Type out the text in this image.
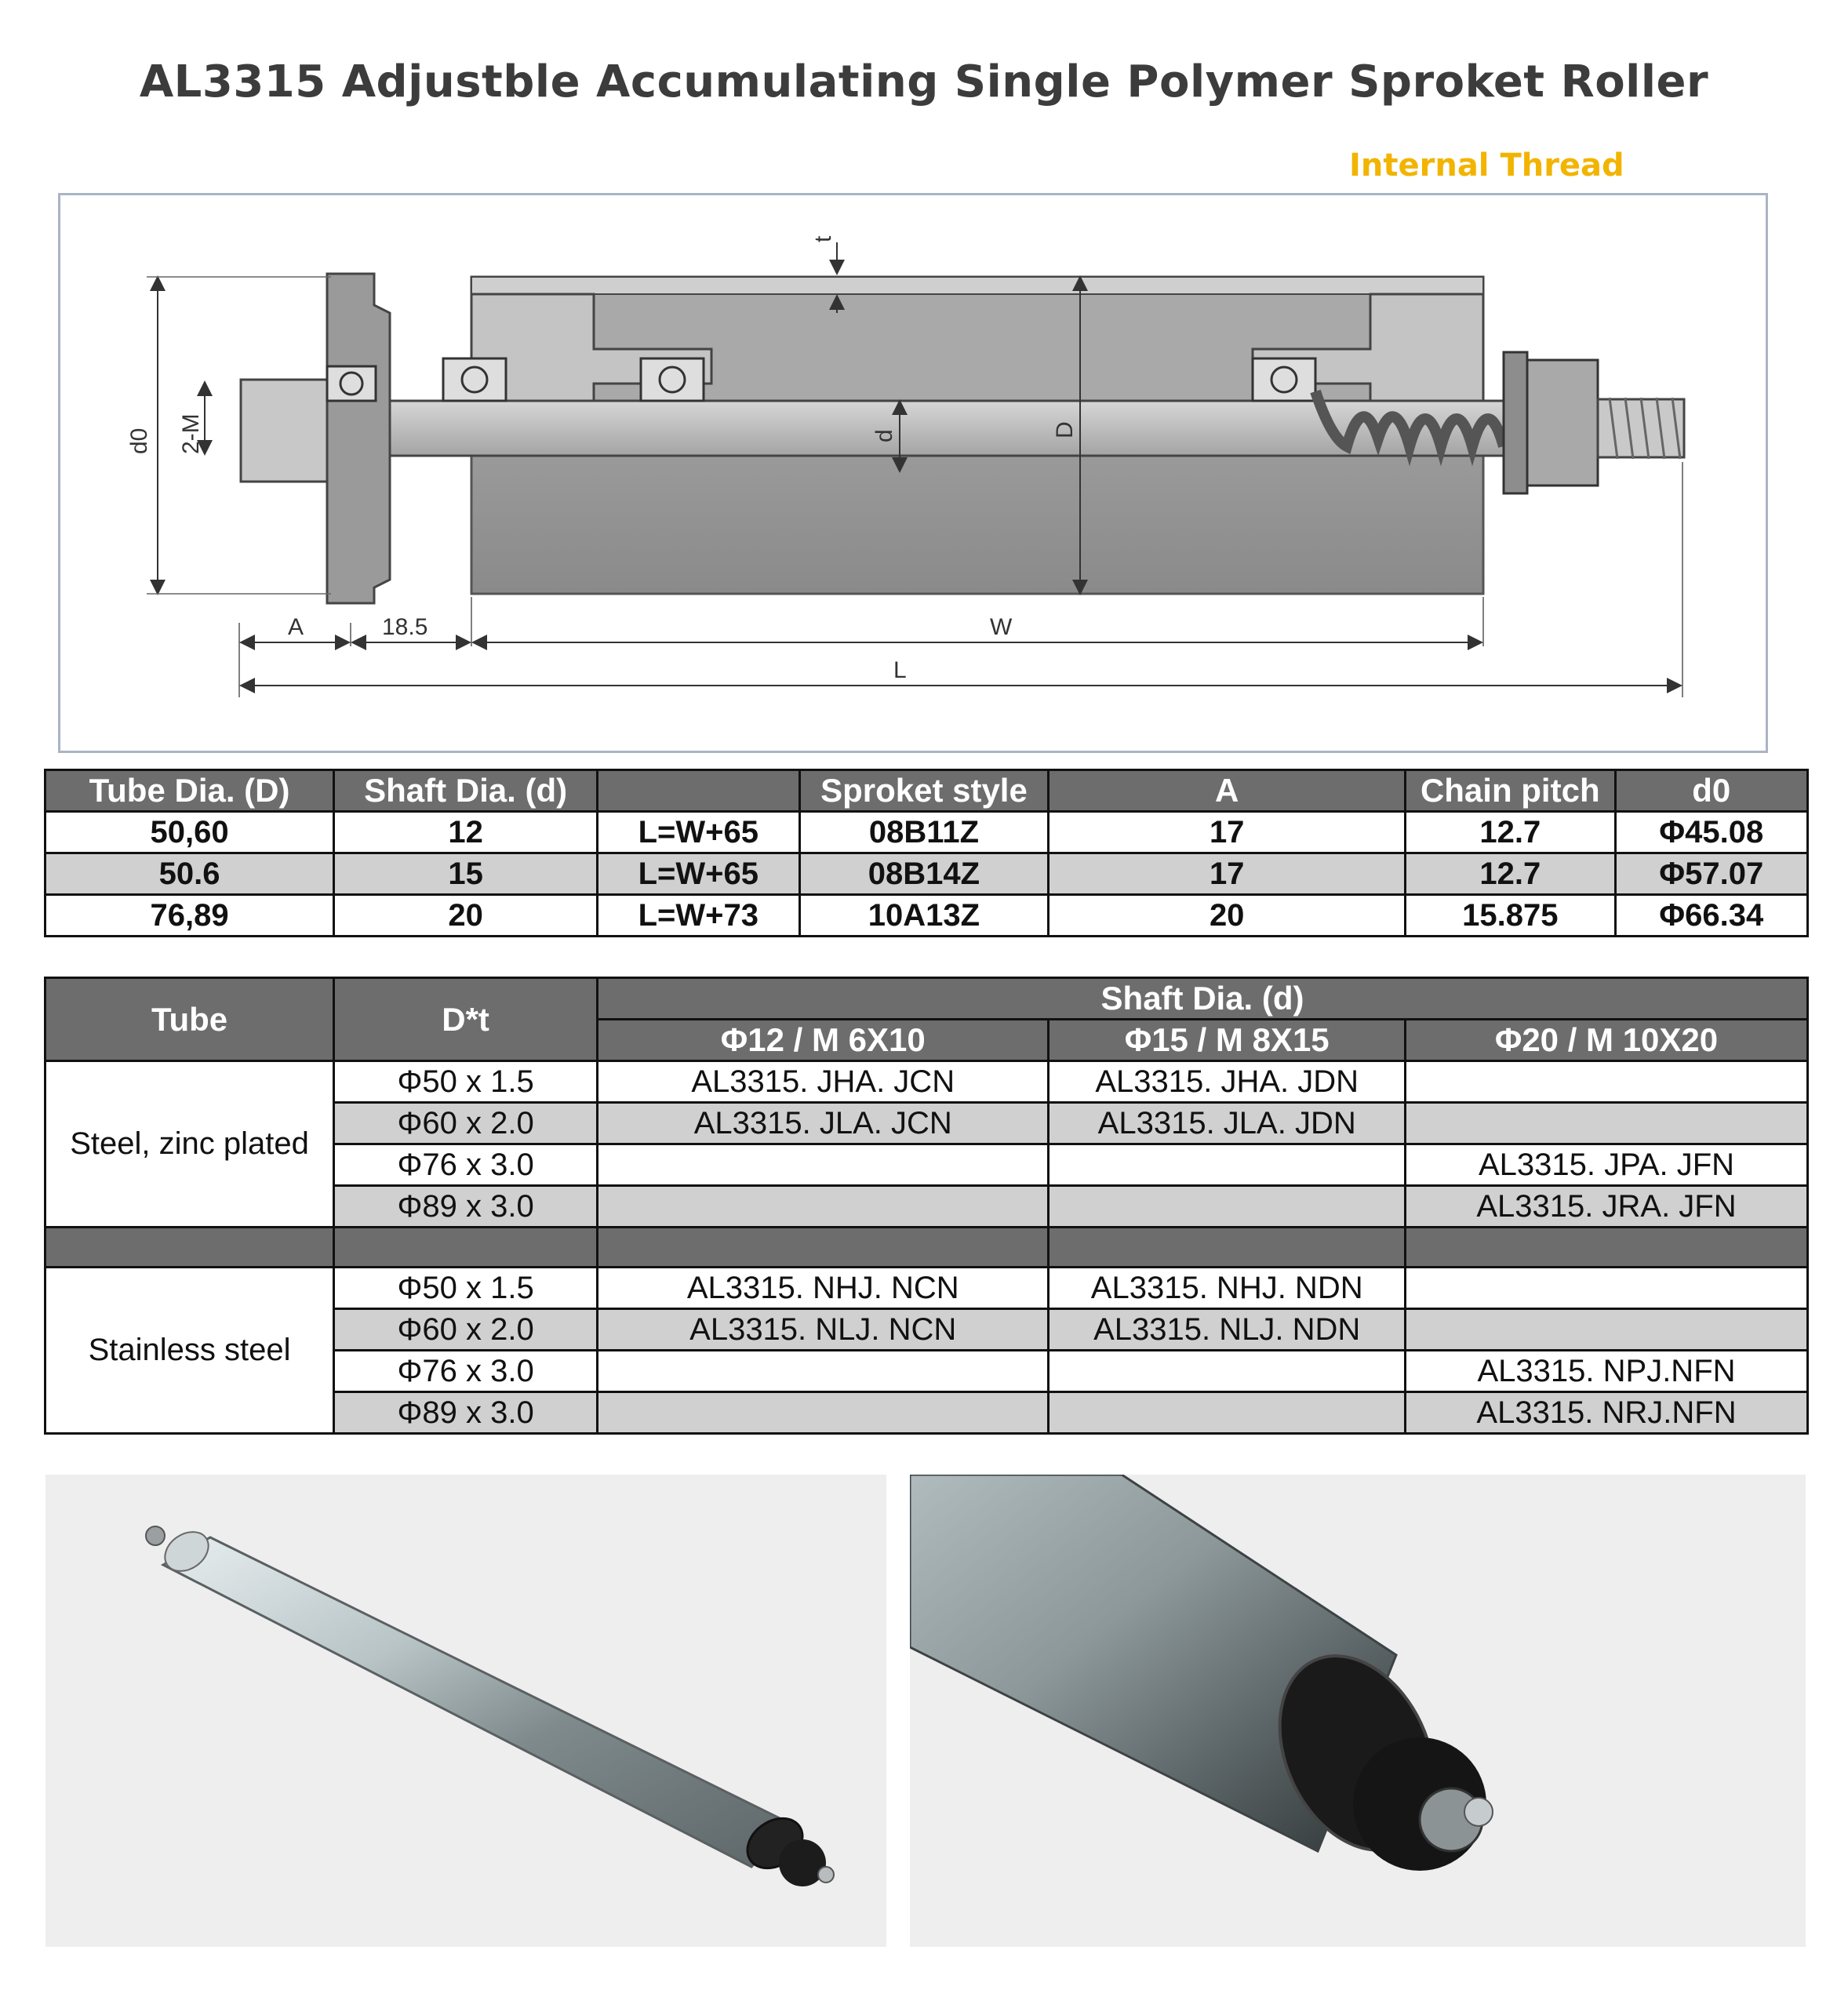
AL3315 Adjustble Accumulating Single Polymer Sproket Roller
Internal Thread
D
d
t
d0 2-M
A	18.5	W
L
Tube Dia. (D)	Shaft Dia. (d)		Sproket style	A	Chain pitch	d0
50,60	12	L=W+65	08B11Z	17	12.7	Φ45.08
50.6	15	L=W+65	08B14Z	17	12.7	Φ57.07
76,89	20	L=W+73	10A13Z	20	15.875	Φ66.34
Tube	D*t	Shaft Dia. (d)		
		Φ12 / M 6X10	Φ15 / M 8X15	Φ20 / M 10X20
Steel, zinc plated	Φ50 x 1.5	AL3315. JHA. JCN	AL3315. JHA. JDN	
	Φ60 x 2.0	AL3315. JLA. JCN	AL3315. JLA. JDN	
	Φ76 x 3.0			AL3315. JPA. JFN
	Φ89 x 3.0			AL3315. JRA. JFN

Stainless steel	Φ50 x 1.5	AL3315. NHJ. NCN	AL3315. NHJ. NDN	
	Φ60 x 2.0	AL3315. NLJ. NCN	AL3315. NLJ. NDN	
	Φ76 x 3.0			AL3315. NPJ.NFN
	Φ89 x 3.0			AL3315. NRJ.NFN
